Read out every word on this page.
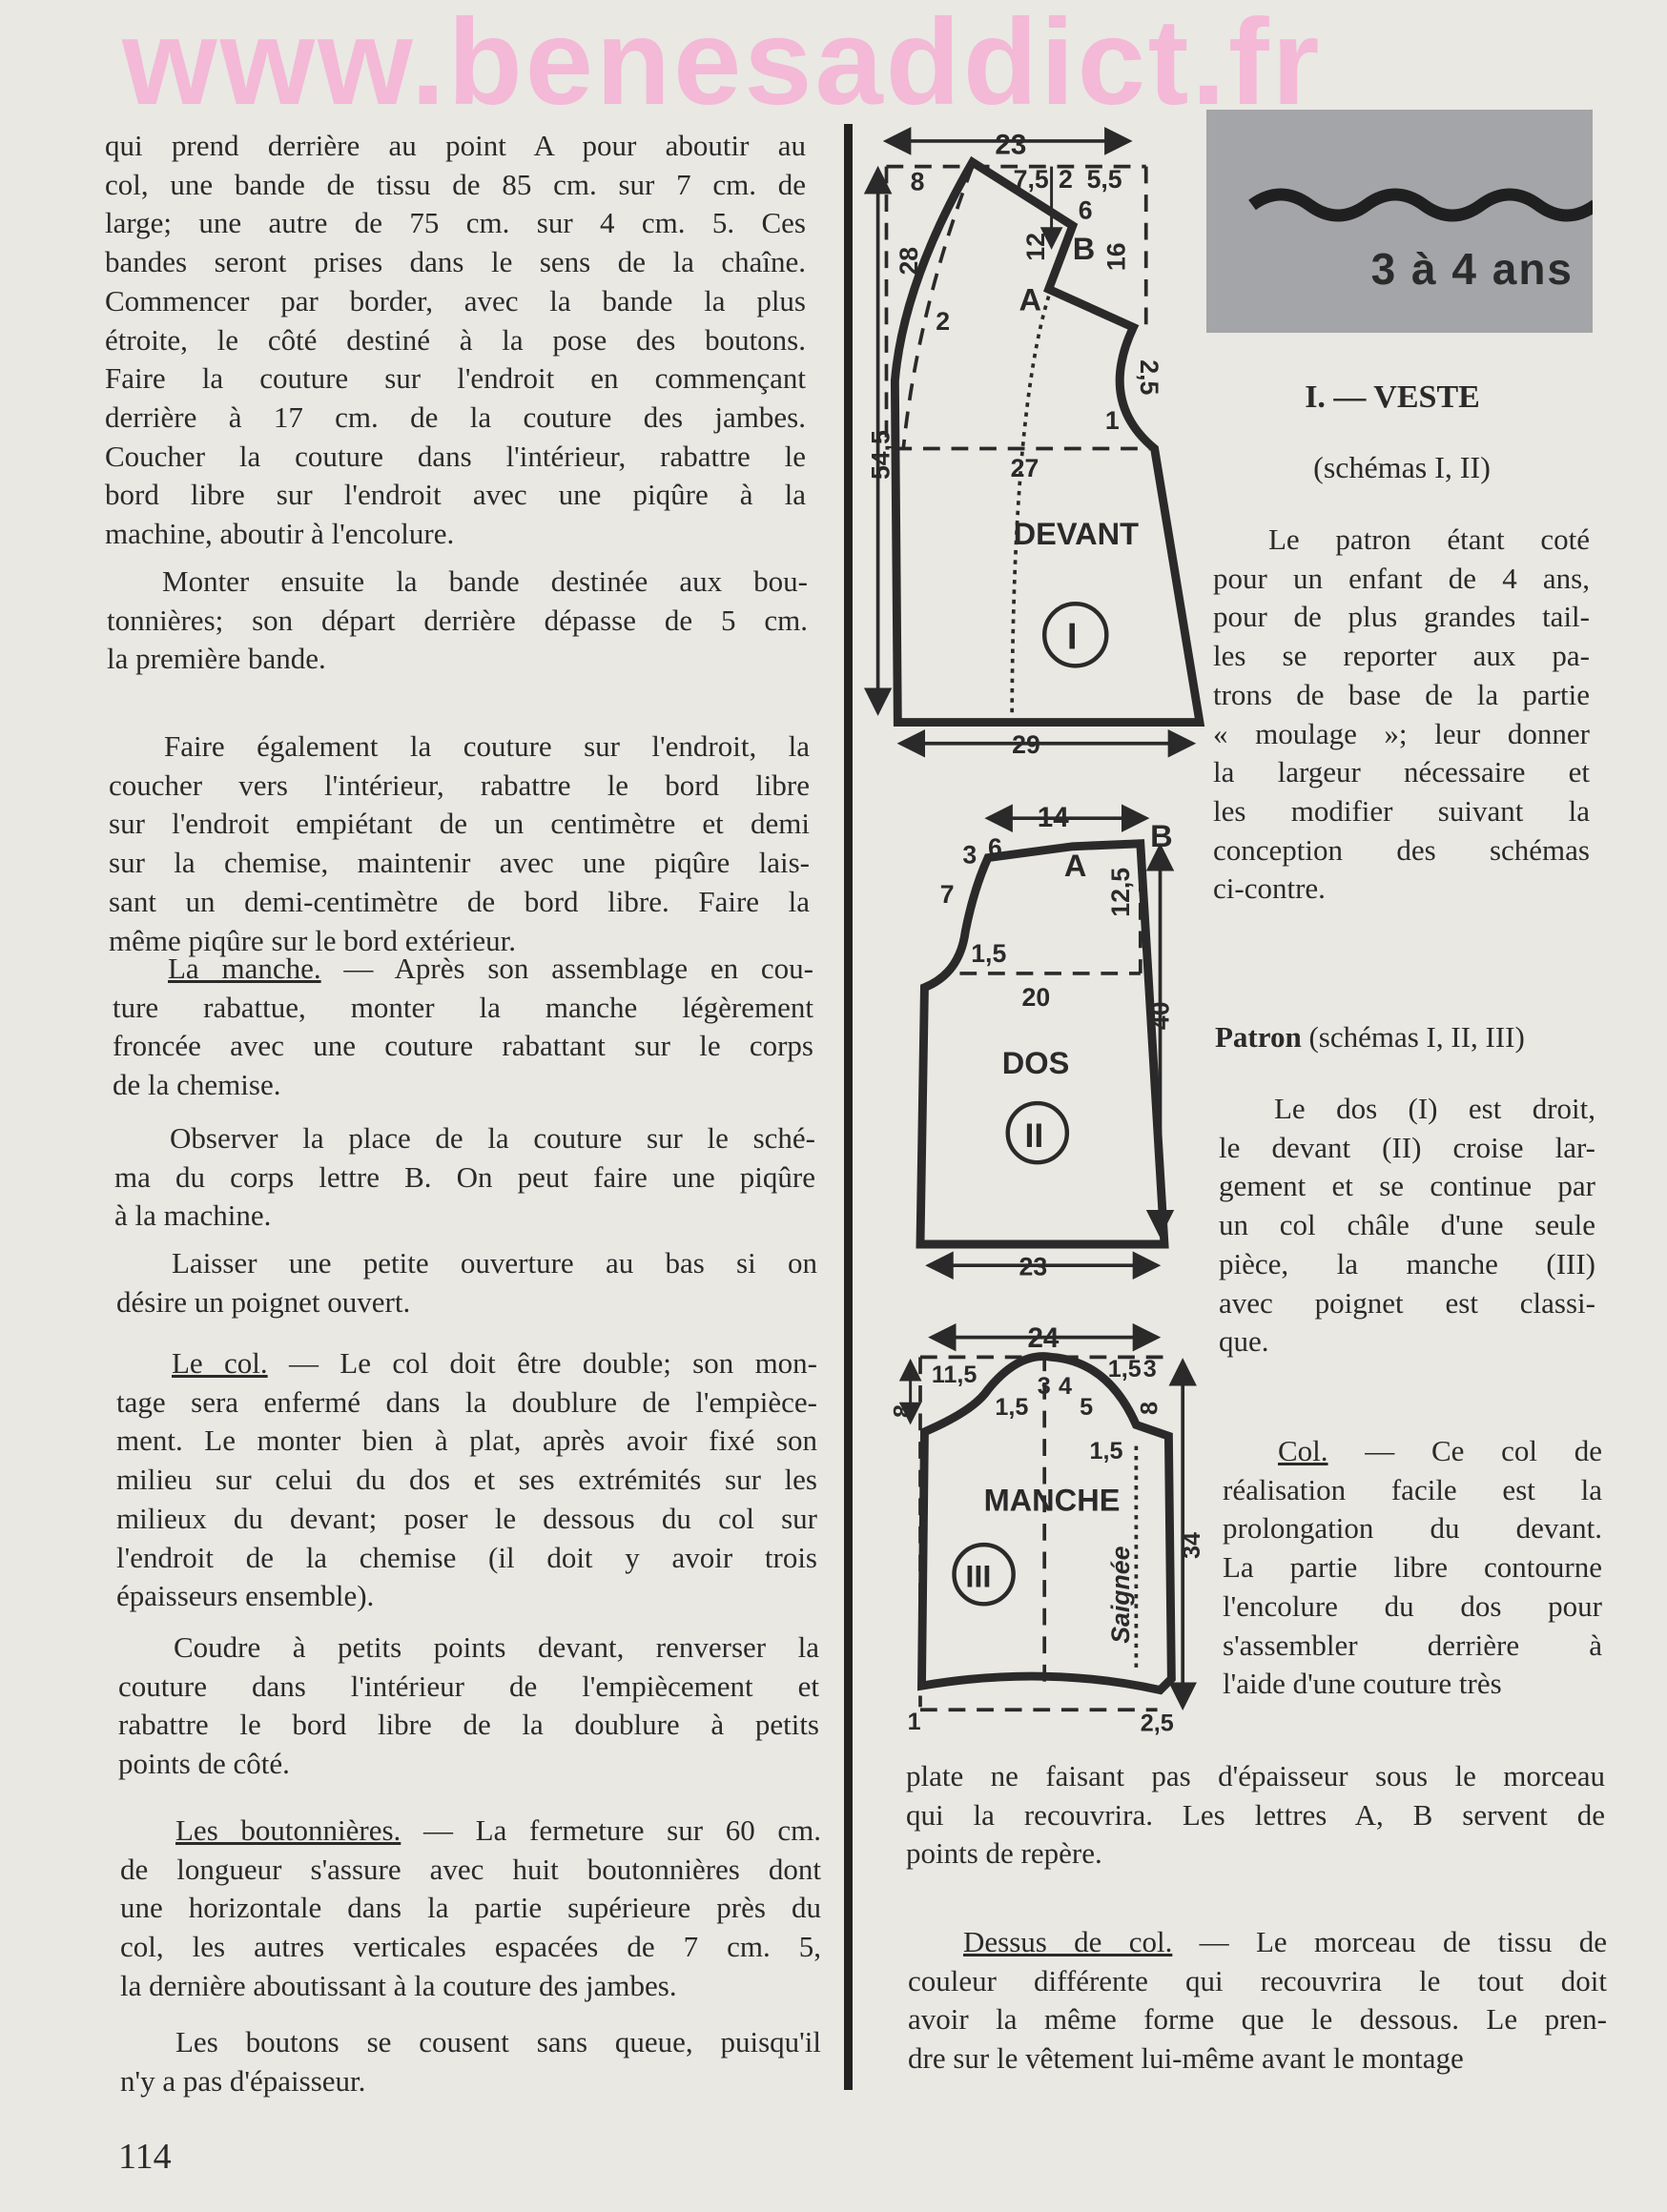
www.benesaddict.fr
qui prend derrière au point A pour aboutir au
col, une bande de tissu de 85 cm. sur 7 cm. de
large; une autre de 75 cm. sur 4 cm. 5. Ces
bandes seront prises dans le sens de la chaîne.
Commencer par border, avec la bande la plus
étroite, le côté destiné à la pose des boutons.
Faire la couture sur l'endroit en commençant
derrière à 17 cm. de la couture des jambes.
Coucher la couture dans l'intérieur, rabattre le
bord libre sur l'endroit avec une piqûre à la
machine, aboutir à l'encolure.
Monter ensuite la bande destinée aux bou-
tonnières; son départ derrière dépasse de 5 cm.
la première bande.
Faire également la couture sur l'endroit, la
coucher vers l'intérieur, rabattre le bord libre
sur l'endroit empiétant de un centimètre et demi
sur la chemise, maintenir avec une piqûre lais-
sant un demi-centimètre de bord libre. Faire la
même piqûre sur le bord extérieur.
La manche. — Après son assemblage en cou-
ture rabattue, monter la manche légèrement
froncée avec une couture rabattant sur le corps
de la chemise.
Observer la place de la couture sur le sché-
ma du corps lettre B. On peut faire une piqûre
à la machine.
Laisser une petite ouverture au bas si on
désire un poignet ouvert.
Le col. — Le col doit être double; son mon-
tage sera enfermé dans la doublure de l'empièce-
ment. Le monter bien à plat, après avoir fixé son
milieu sur celui du dos et ses extrémités sur les
milieux du devant; poser le dessous du col sur
l'endroit de la chemise (il doit y avoir trois
épaisseurs ensemble).
Coudre à petits points devant, renverser la
couture dans l'intérieur de l'empiècement et
rabattre le bord libre de la doublure à petits
points de côté.
Les boutonnières. — La fermeture sur 60 cm.
de longueur s'assure avec huit boutonnières dont
une horizontale dans la partie supérieure près du
col, les autres verticales espacées de 7 cm. 5,
la dernière aboutissant à la couture des jambes.
Les boutons se cousent sans queue, puisqu'il
n'y a pas d'épaisseur.
3 à 4 ans
I. — VESTE
(schémas I, II)
Le patron étant coté
pour un enfant de 4 ans,
pour de plus grandes tail-
les se reporter aux pa-
trons de base de la partie
« moulage »; leur donner
la largeur nécessaire et
les modifier suivant la
conception des schémas
ci-contre.
Patron (schémas I, II, III)
Le dos (I) est droit,
le devant (II) croise lar-
gement et se continue par
un col châle d'une seule
pièce, la manche (III)
avec poignet est classi-
que.
Col. — Ce col de
réalisation facile est la
prolongation du devant.
La partie libre contourne
l'encolure du dos pour
s'assembler derrière à
l'aide d'une couture très
plate ne faisant pas d'épaisseur sous le morceau
qui la recouvrira. Les lettres A, B servent de
points de repère.
Dessus de col. — Le morceau de tissu de
couleur différente qui recouvrira le tout doit
avoir la même forme que le dessous. Le pren-
dre sur le vêtement lui-même avant le montage
23
8	7,5 2 5,5
6
28	12 B 16
A
2
2,5
1
54,5	27
29
DEVANT
I
14
3 6	B
A
7	12,5
1,5
20
40
23
DOS
II
24
11,5
1,5
3 4
5
1,5 3
8	8
1,5
34
1	2,5
MANCHE
III	Saignée
114
